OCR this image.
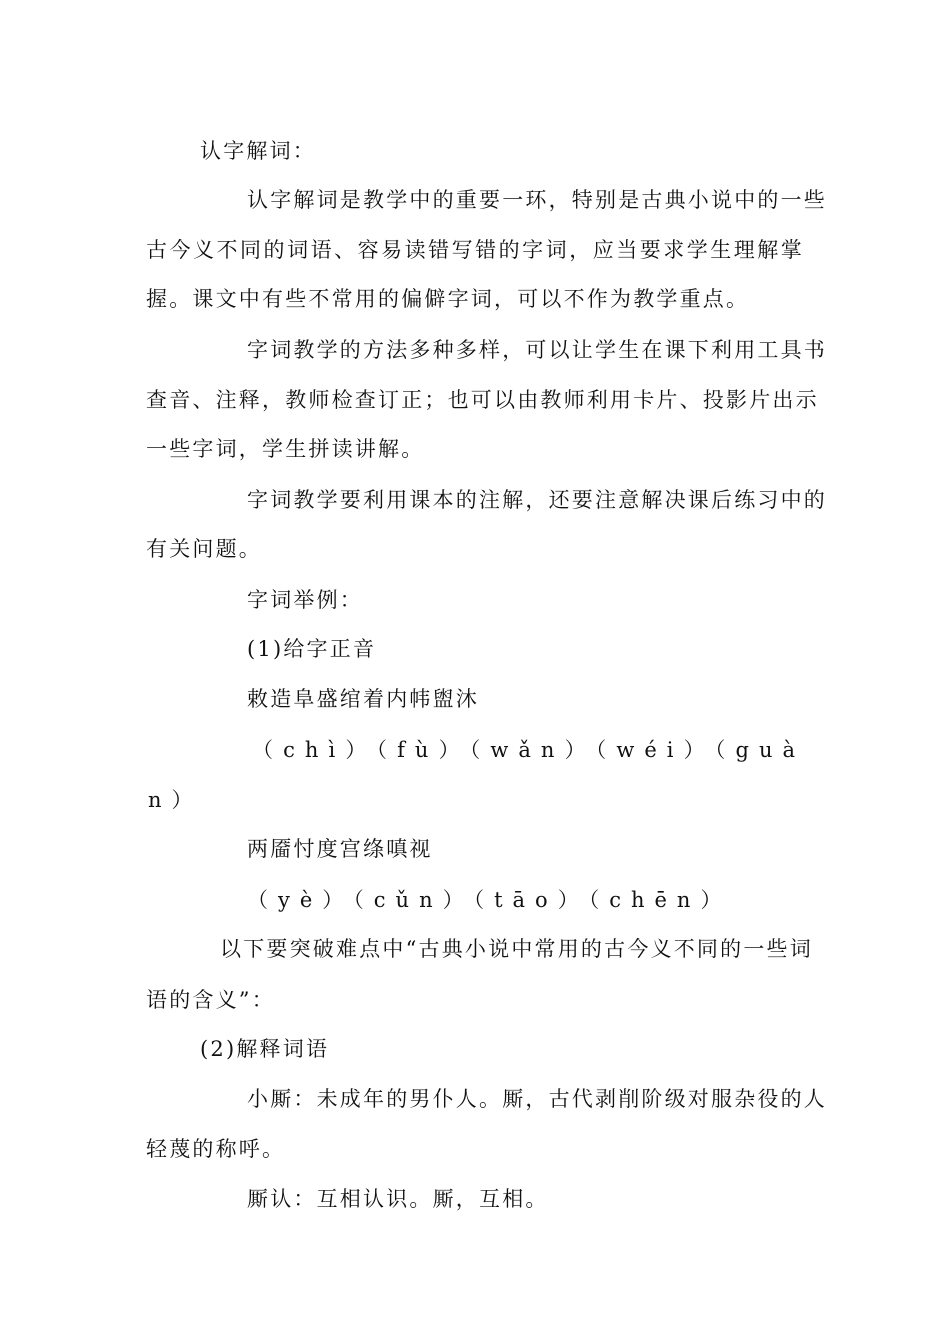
认字解词：

认字解词是教学中的重要一环，特别是古典小说中的一些

古今义不同的词语、容易读错写错的字词，应当要求学生理解掌

握。课文中有些不常用的偏僻字词，可以不作为教学重点。

字词教学的方法多种多样，可以让学生在课下利用工具书

查音、注释，教师检查订正；也可以由教师利用卡片、投影片出示

一些字词，学生拼读讲解。

字词教学要利用课本的注解，还要注意解决课后练习中的

有关问题。

字词举例：

(1)给字正音

敕造阜盛绾着内帏盥沐

（chì）（fù）（wǎn）（wéi）（guà

n）

两靥忖度宫绦嗔视

（yè）（cǔn）（tāo）（chēn）

以下要突破难点中“古典小说中常用的古今义不同的一些词

语的含义”：

(2)解释词语

小厮：未成年的男仆人。厮，古代剥削阶级对服杂役的人

轻蔑的称呼。

厮认：互相认识。厮，互相。
